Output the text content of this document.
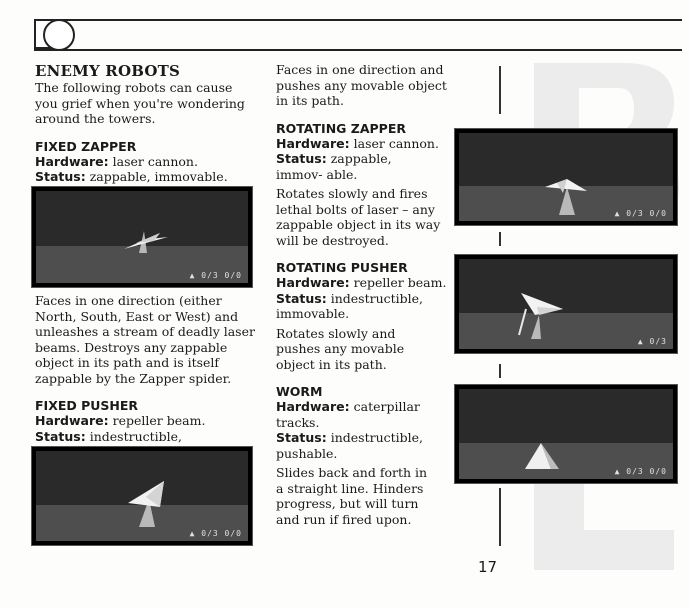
ENEMY ROBOTS

The following robots can cause you grief when you're wondering around the towers.

FIXED ZAPPER

Hardware: laser cannon.

Status: zappable, immovable.

▲ 0/3 0/0

Faces in one direction (either North, South, East or West) and unleashes a stream of deadly laser beams. Destroys any zappable object in its path and is itself zappable by the Zapper spider.

FIXED PUSHER

Hardware: repeller beam.

Status: indestructible,

▲ 0/3 0/0

Faces in one direction and pushes any movable object in its path.

ROTATING ZAPPER

Hardware: laser cannon.

Status: zappable, immov- able.

Rotates slowly and fires lethal bolts of laser – any zappable object in its way will be destroyed.

ROTATING PUSHER

Hardware: repeller beam.

Status: indestructible, immovable.

Rotates slowly and pushes any movable object in its path.

WORM

Hardware: caterpillar tracks.

Status: indestructible, pushable.

Slides back and forth in a straight line. Hinders progress, but will turn and run if fired upon.

▲ 0/3 0/0
▲ 0/3
▲ 0/3 0/0
17
